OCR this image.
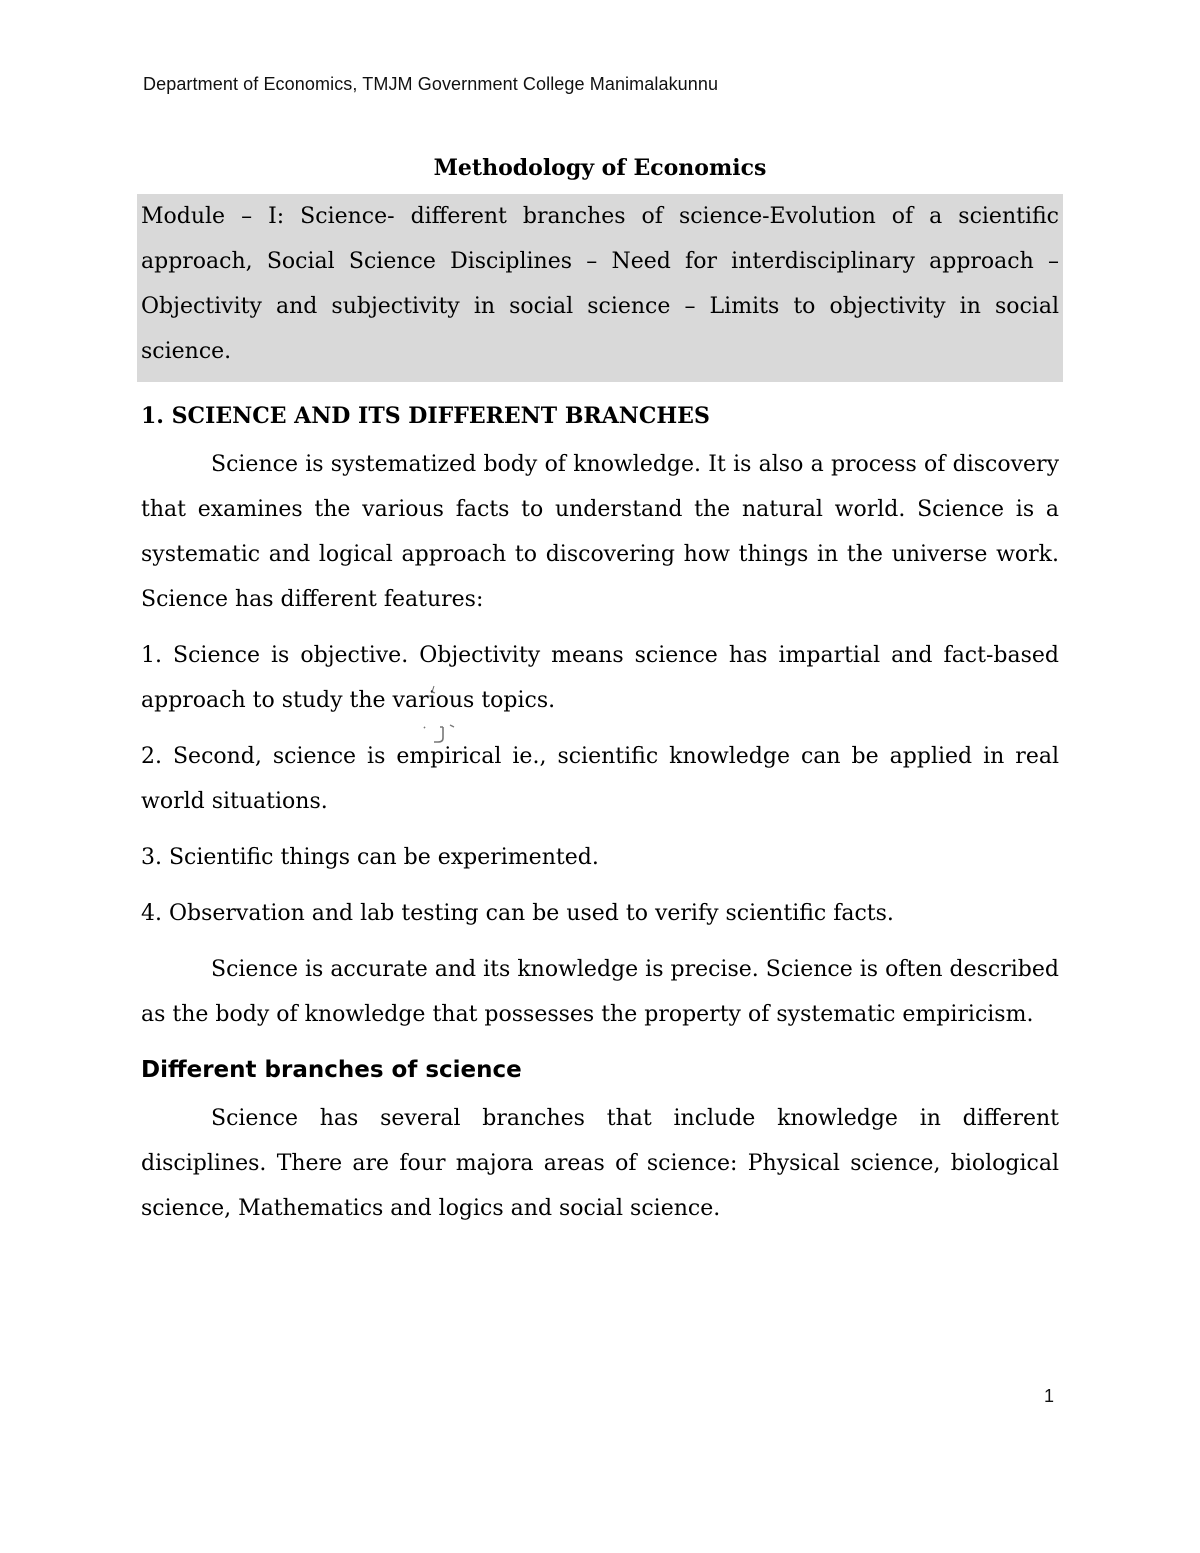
Department of Economics, TMJM Government College Manimalakunnu
Methodology of Economics
Module – I: Science- different branches of science-Evolution of a scientific approach, Social Science Disciplines – Need for interdisciplinary approach – Objectivity and subjectivity in social science – Limits to objectivity in social science.
1. SCIENCE AND ITS DIFFERENT BRANCHES
Science is systematized body of knowledge. It is also a process of discovery that examines the various facts to understand the natural world. Science is a systematic and logical approach to discovering how things in the universe work. Science has different features:
1. Science is objective. Objectivity means science has impartial and fact-based approach to study the various topics.
2. Second, science is empirical ie., scientific knowledge can be applied in real world situations.
3. Scientific things can be experimented.
4. Observation and lab testing can be used to verify scientific facts.
Science is accurate and its knowledge is precise. Science is often described as the body of knowledge that possesses the property of systematic empiricism.
Different branches of science
Science has several branches that include knowledge in different disciplines. There are four majora areas of science: Physical science, biological science, Mathematics and logics and social science.
1
